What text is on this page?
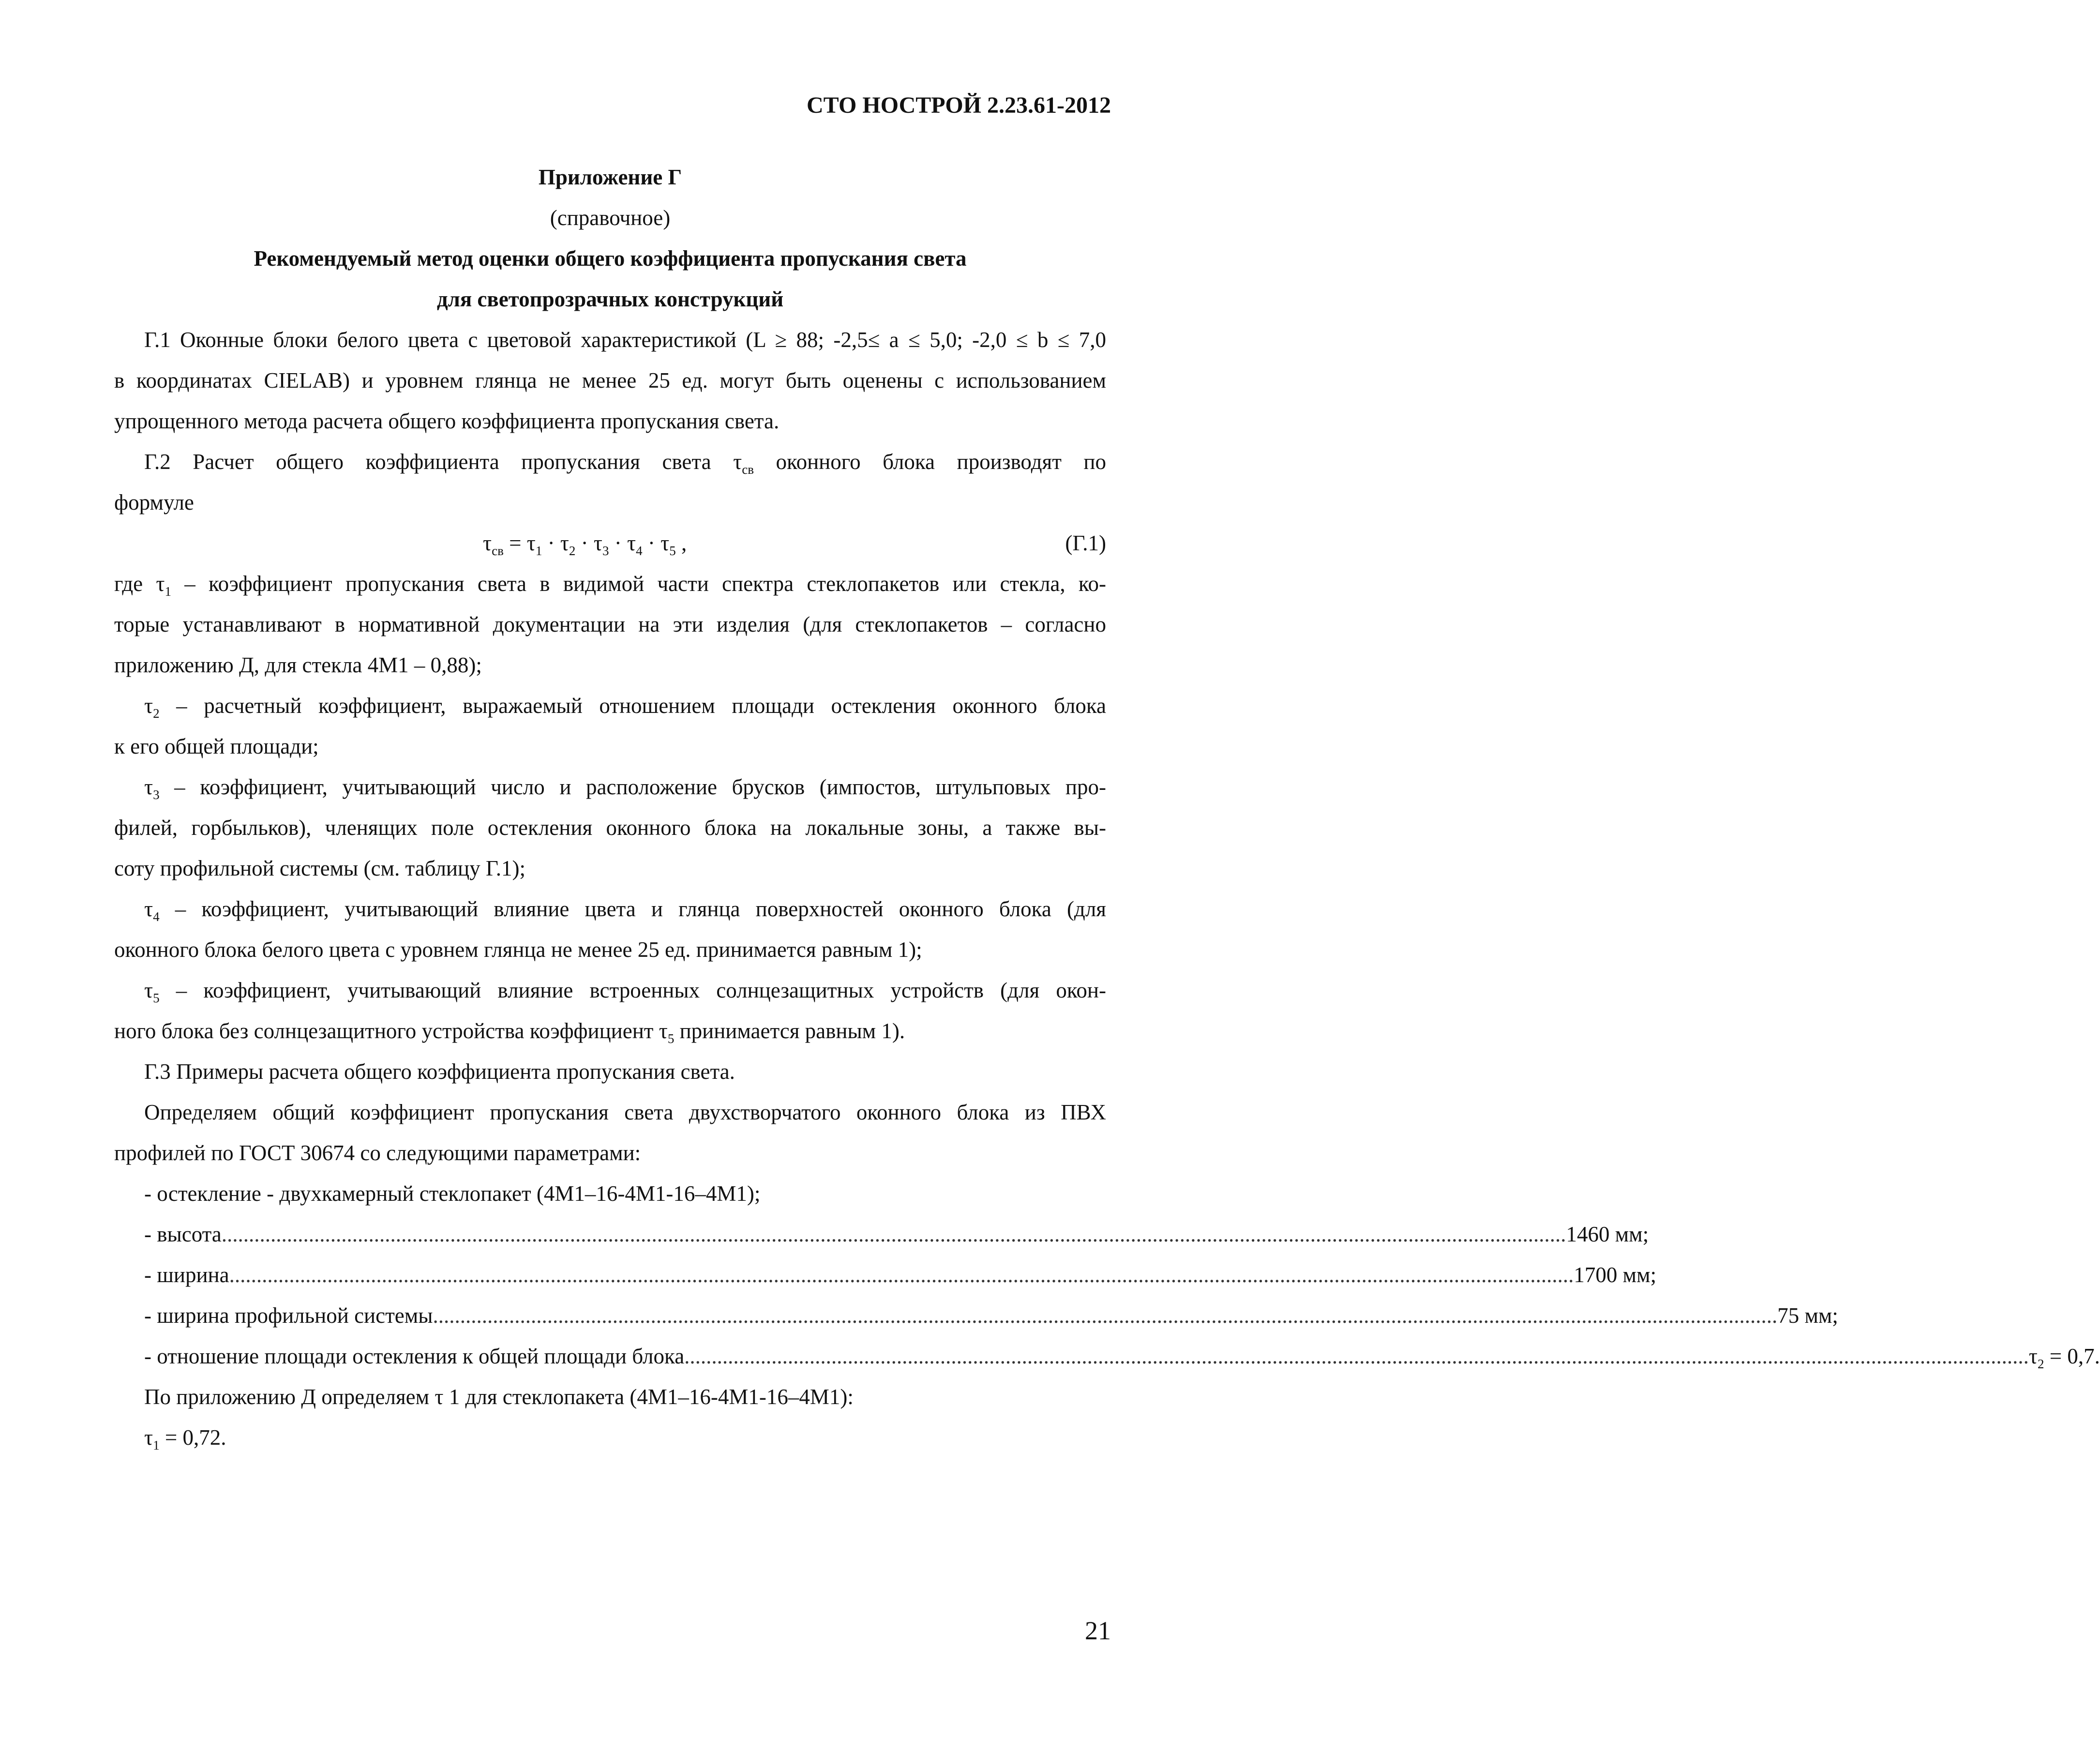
СТО НОСТРОЙ 2.23.61-2012
Приложение Г
(справочное)
Рекомендуемый метод оценки общего коэффициента пропускания света
для светопрозрачных конструкций
Г.1 Оконные блоки белого цвета с цветовой характеристикой (L ≥ 88; -2,5≤ a ≤ 5,0; -2,0 ≤ b ≤ 7,0
в координатах CIELAB) и уровнем глянца не менее 25 ед. могут быть оценены с использованием
упрощенного метода расчета общего коэффициента пропускания света.
Г.2 Расчет общего коэффициента пропускания света $\tau_{св}$ оконного блока производят по
формуле
$\tau_{св} = \tau_1 \cdot \tau_2 \cdot \tau_3 \cdot \tau_4 \cdot \tau_5$ ,	(Г.1)
где $\tau_1$ – коэффициент пропускания света в видимой части спектра стеклопакетов или стекла, ко-
торые устанавливают в нормативной документации на эти изделия (для стеклопакетов – согласно
приложению Д, для стекла 4М1 – 0,88);
$\tau_2$ – расчетный коэффициент, выражаемый отношением площади остекления оконного блока
к его общей площади;
$\tau_3$ – коэффициент, учитывающий число и расположение брусков (импостов, штульповых про-
филей, горбыльков), членящих поле остекления оконного блока на локальные зоны, а также вы-
соту профильной системы (см. таблицу Г.1);
$\tau_4$ – коэффициент, учитывающий влияние цвета и глянца поверхностей оконного блока (для
оконного блока белого цвета с уровнем глянца не менее 25 ед. принимается равным 1);
$\tau_5$ – коэффициент, учитывающий влияние встроенных солнцезащитных устройств (для окон-
ного блока без солнцезащитного устройства коэффициент $\tau_5$ принимается равным 1).
Г.3 Примеры расчета общего коэффициента пропускания света.
Определяем общий коэффициент пропускания света двухстворчатого оконного блока из ПВХ
профилей по ГОСТ 30674 со следующими параметрами:
- остекление - двухкамерный стеклопакет (4М1–16-4М1-16–4М1);
- высота ....................................................................................................................................................................................................................................................... 1460 мм;
- ширина ....................................................................................................................................................................................................................................................... 1700 мм;
- ширина профильной системы ....................................................................................................................................................................................................................................................... 75 мм;
- отношение площади остекления к общей площади блока ....................................................................................................................................................................................................................................................... $\tau_2 = 0,7$.
По приложению Д определяем τ 1 для стеклопакета (4М1–16-4М1-16–4М1):
$\tau_1 = 0,72$.
21
